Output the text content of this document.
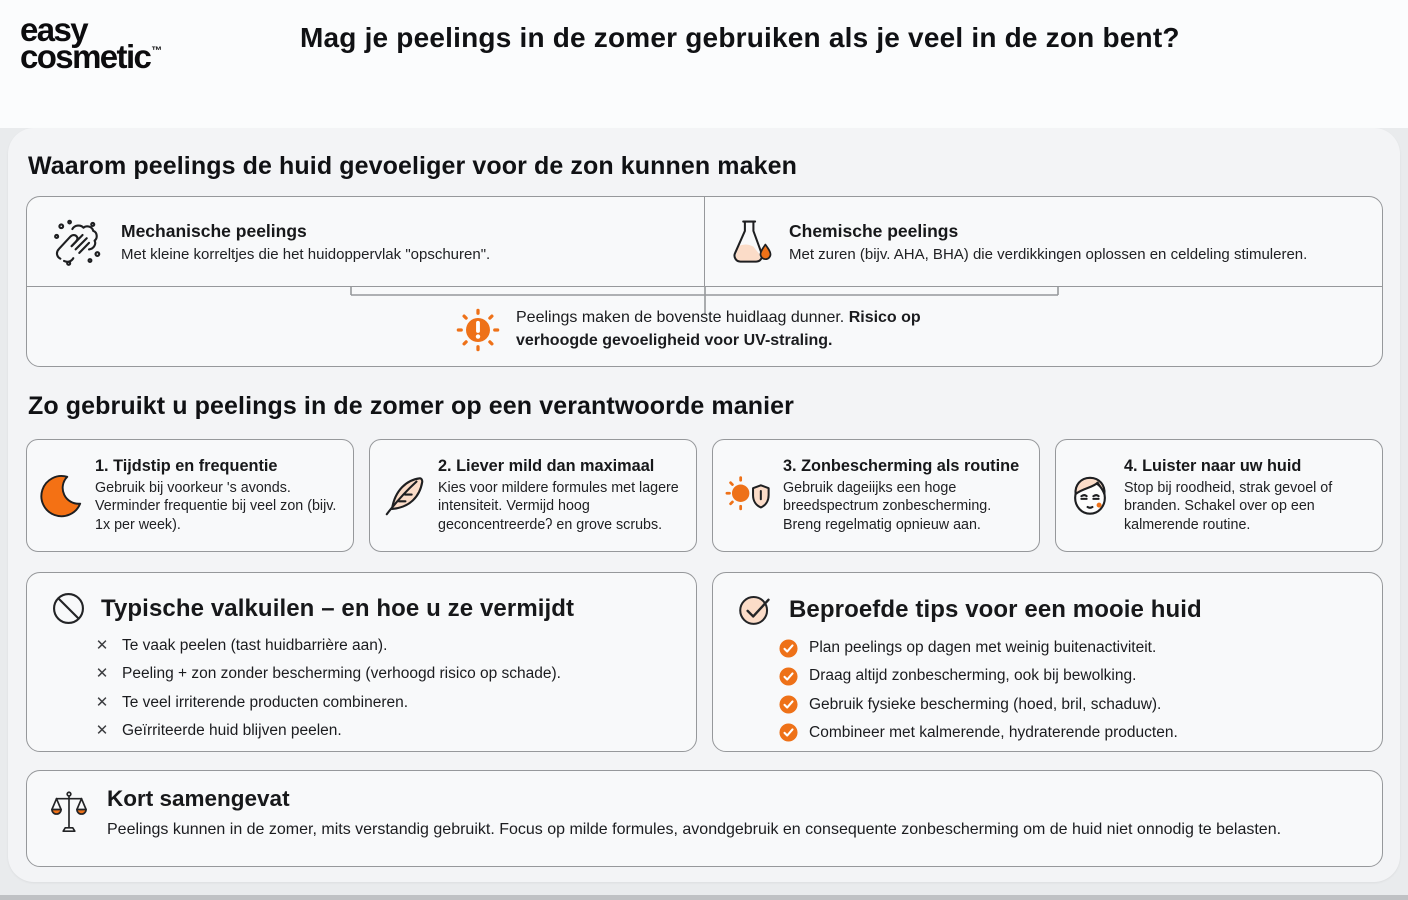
easy
cosmetic™	Mag je peelings in de zomer gebruiken als je veel in de zon bent?
Waarom peelings de huid gevoeliger voor de zon kunnen maken
Mechanische peelings
Met kleine korreltjes die het huidoppervlak "opschuren".
Chemische peelings
Met zuren (bijv. AHA, BHA) die verdikkingen oplossen en celdeling stimuleren.
Peelings maken de bovenste huidlaag dunner. Risico op verhoogde gevoeligheid voor UV-straling.
Zo gebruikt u peelings in de zomer op een verantwoorde manier
1. Tijdstip en frequentie
Gebruik bij voorkeur 's avonds. Verminder frequentie bij veel zon (bijv. 1x per week).
2. Liever mild dan maximaal
Kies voor mildere formules met lagere intensiteit. Vermijd hoog geconcentreerdeʔ en grove scrubs.
3. Zonbescherming als routine
Gebruik dageiijks een hoge breedspectrum zonbescherming. Breng regelmatig opnieuw aan.
4. Luister naar uw huid
Stop bij roodheid, strak gevoel of branden. Schakel over op een kalmerende routine.
Typische valkuilen – en hoe u ze vermijdt
✕ Te vaak peelen (tast huidbarrière aan).
✕ Peeling + zon zonder bescherming (verhoogd risico op schade).
✕ Te veel irriterende producten combineren.
✕ Geïrriteerde huid blijven peelen.
Beproefde tips voor een mooie huid
Plan peelings op dagen met weinig buitenactiviteit.
Draag altijd zonbescherming, ook bij bewolking.
Gebruik fysieke bescherming (hoed, bril, schaduw).
Combineer met kalmerende, hydraterende producten.
Kort samengevat
Peelings kunnen in de zomer, mits verstandig gebruikt. Focus op milde formules, avondgebruik en consequente zonbescherming om de huid niet onnodig te belasten.
